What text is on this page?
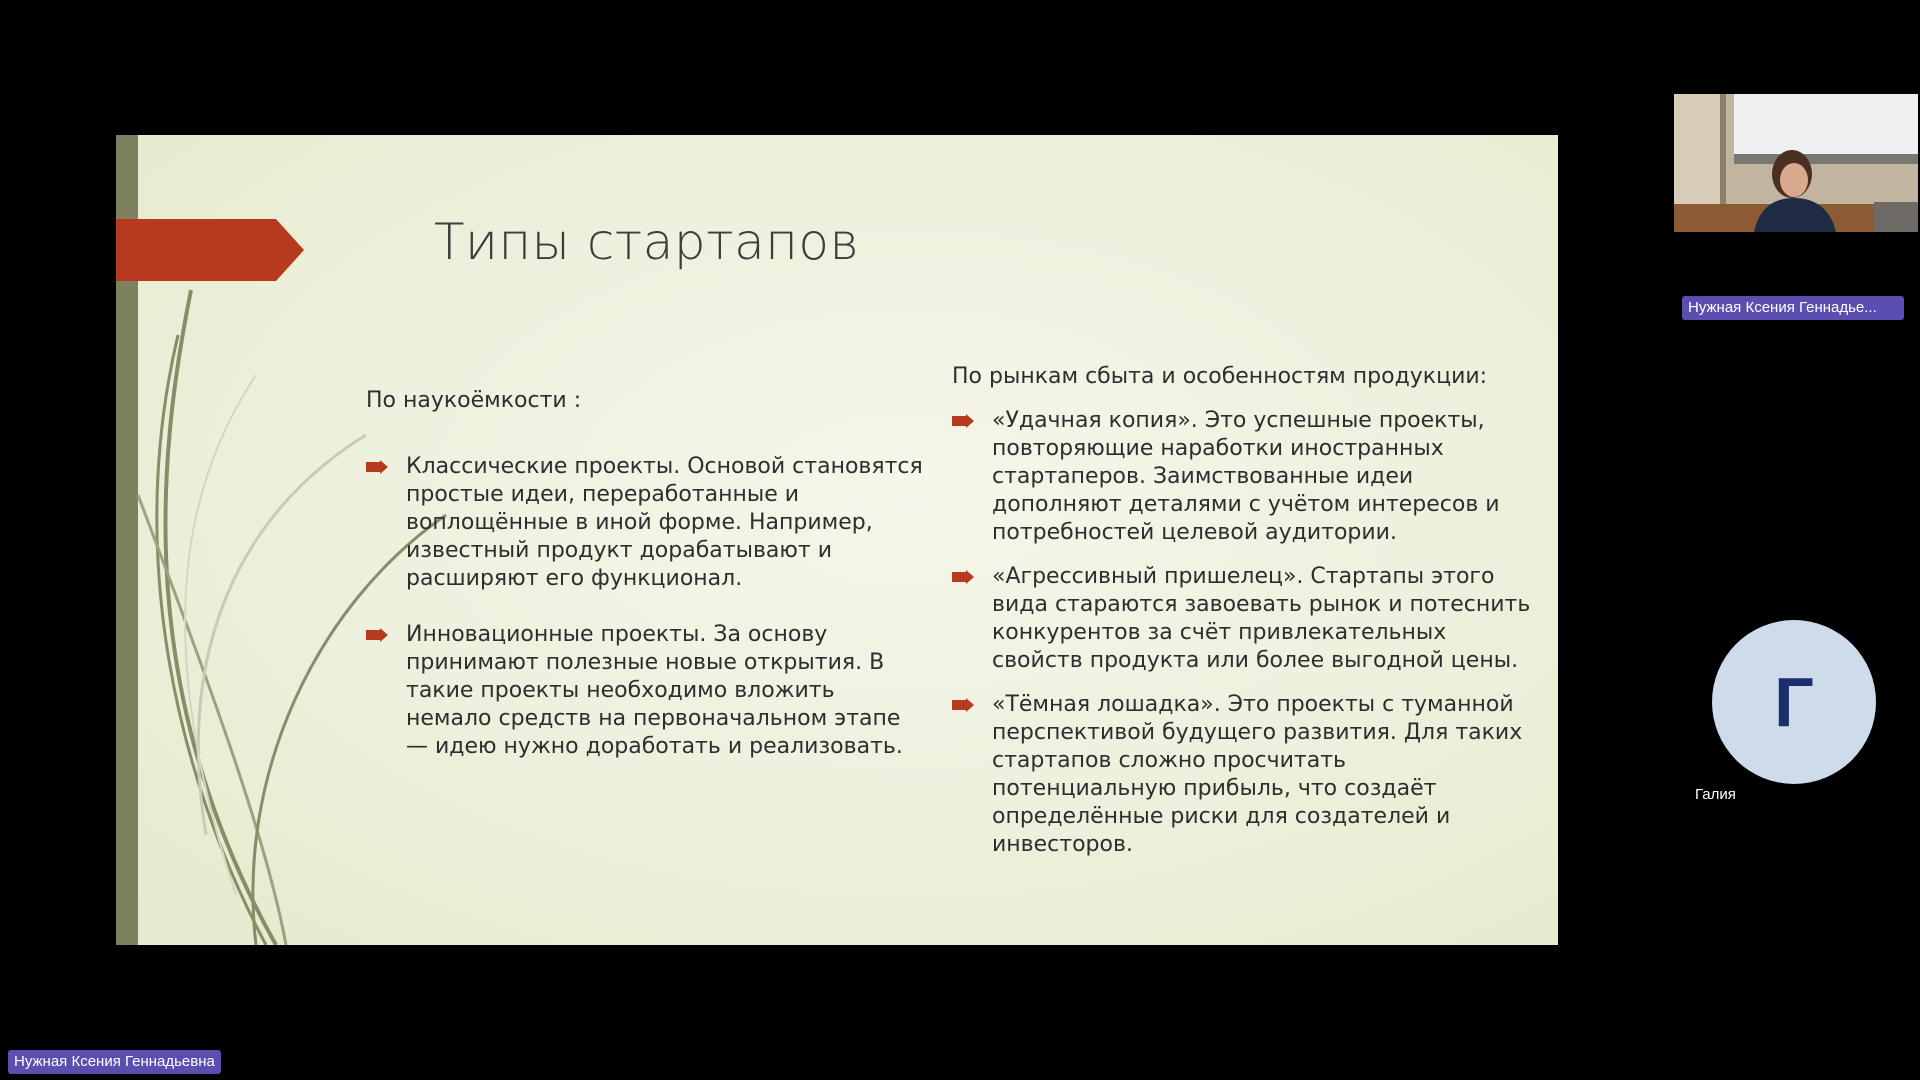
Типы стартапов

По наукоёмкости :

Классические проекты. Основой становятся простые идеи, переработанные и воплощённые в иной форме. Например, известный продукт дорабатывают и расширяют его функционал.
Инновационные проекты. За основу принимают полезные новые открытия. В такие проекты необходимо вложить немало средств на первоначальном этапе — идею нужно доработать и реализовать.

По рынкам сбыта и особенностям продукции:

«Удачная копия». Это успешные проекты, повторяющие наработки иностранных стартаперов. Заимствованные идеи дополняют деталями с учётом интересов и потребностей целевой аудитории.
«Агрессивный пришелец». Стартапы этого вида стараются завоевать рынок и потеснить конкурентов за счёт привлекательных свойств продукта или более выгодной цены.
«Тёмная лошадка». Это проекты с туманной перспективой будущего развития. Для таких стартапов сложно просчитать потенциальную прибыль, что создаёт определённые риски для создателей и инвесторов.
Нужная Ксения Геннадье...
Г
Галия
Нужная Ксения Геннадьевна
